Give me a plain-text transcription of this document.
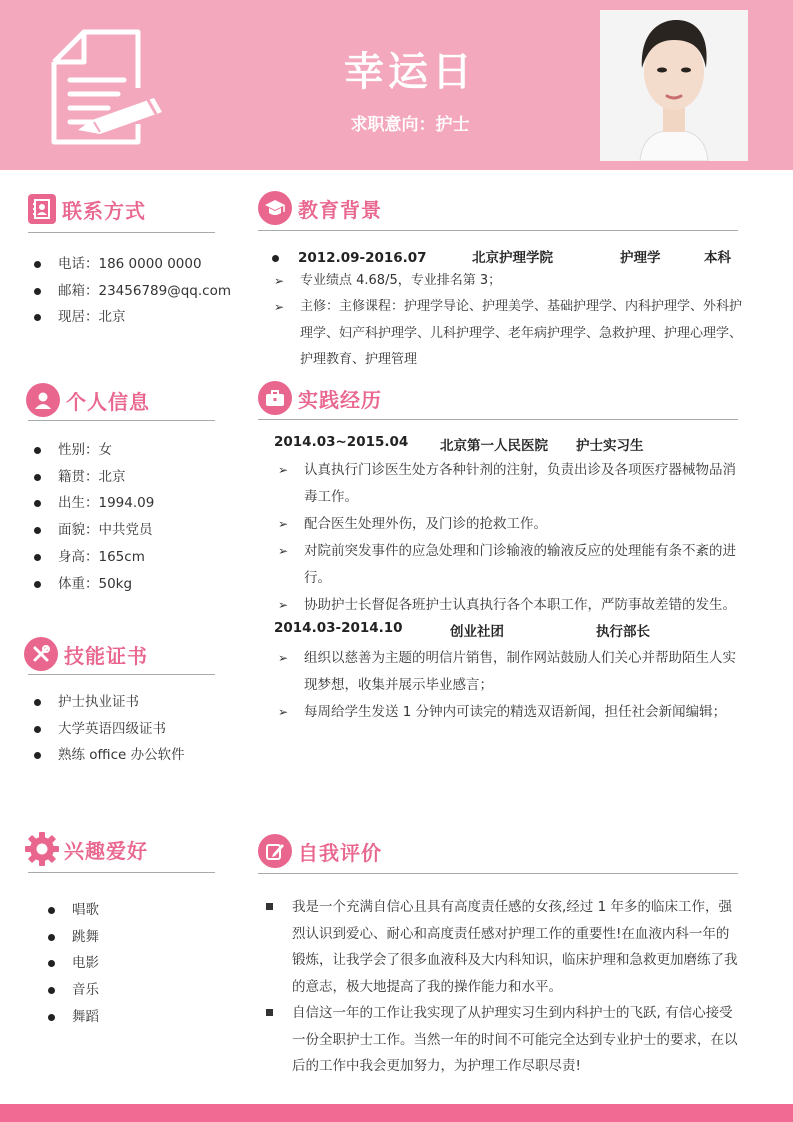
幸运日
求职意向：护士
联系方式
电话：186 0000 0000
邮箱：23456789@qq.com
现居：北京
个人信息
性别：女
籍贯：北京
出生：1994.09
面貌：中共党员
身高：165cm
体重：50kg
技能证书
护士执业证书
大学英语四级证书
熟练 office 办公软件
兴趣爱好
唱歌
跳舞
电影
音乐
舞蹈
教育背景
2012.09-2016.07	北京护理学院	护理学	本科
➢ 专业绩点 4.68/5，专业排名第 3；
➢ 主修：主修课程：护理学导论、护理美学、基础护理学、内科护理学、外科护理学、妇产科护理学、儿科护理学、老年病护理学、急救护理、护理心理学、护理教育、护理管理
实践经历
2014.03~2015.04 北京第一人民医院 护士实习生
➢ 认真执行门诊医生处方各种针剂的注射，负责出诊及各项医疗器械物品消毒工作。
➢ 配合医生处理外伤，及门诊的抢救工作。
➢ 对院前突发事件的应急处理和门诊输液的输液反应的处理能有条不紊的进行。
➢ 协助护士长督促各班护士认真执行各个本职工作，严防事故差错的发生。
2014.03-2014.10	创业社团	执行部长
➢ 组织以慈善为主题的明信片销售，制作网站鼓励人们关心并帮助陌生人实现梦想，收集并展示毕业感言；
➢ 每周给学生发送 1 分钟内可读完的精选双语新闻，担任社会新闻编辑；
自我评价
我是一个充满自信心且具有高度责任感的女孩,经过 1 年多的临床工作，强烈认识到爱心、耐心和高度责任感对护理工作的重要性!在血液内科一年的锻炼，让我学会了很多血液科及大内科知识，临床护理和急救更加磨练了我的意志，极大地提高了我的操作能力和水平。
自信这一年的工作让我实现了从护理实习生到内科护士的飞跃, 有信心接受一份全职护士工作。当然一年的时间不可能完全达到专业护士的要求，在以后的工作中我会更加努力，为护理工作尽职尽责!
